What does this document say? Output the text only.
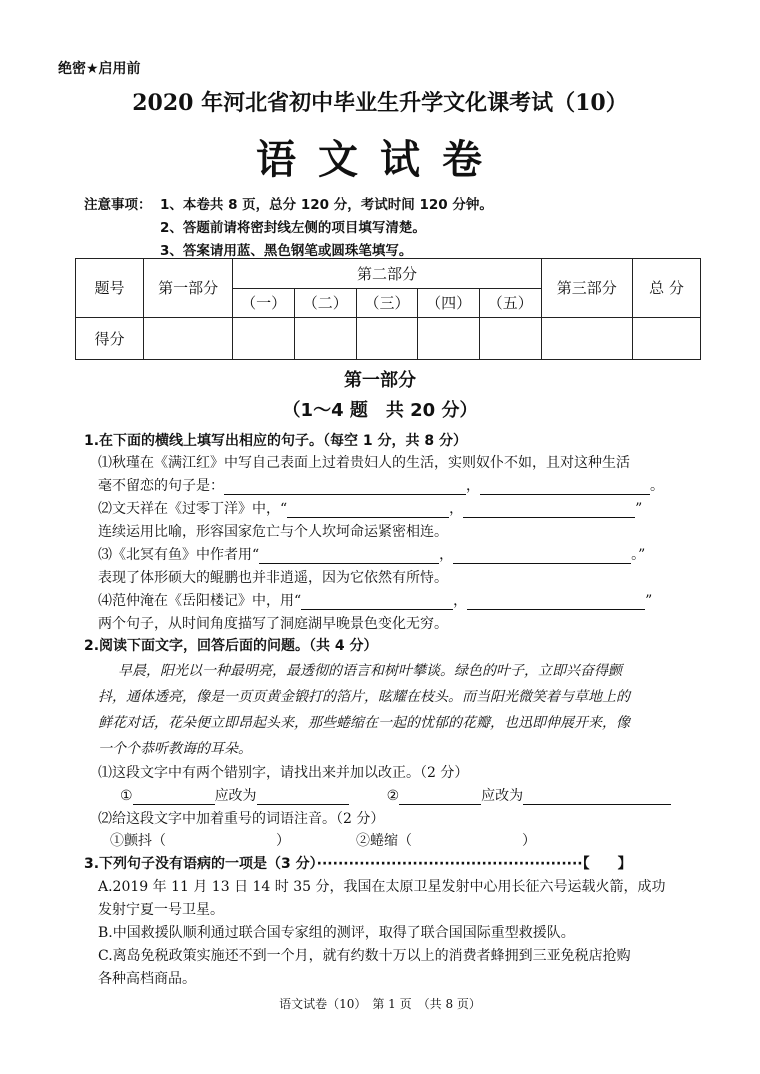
绝密★启用前
2020 年河北省初中毕业生升学文化课考试（10）
语文试卷
注意事项： 1、本卷共 8 页，总分 120 分，考试时间 120 分钟。
2、答题前请将密封线左侧的项目填写清楚。
3、答案请用蓝、黑色钢笔或圆珠笔填写。
题号	第一部分	第二部分					第三部分	总 分
		（一）	（二）	（三）	（四）	（五）		
得分								
第一部分
（1～4 题　共 20 分）
1.在下面的横线上填写出相应的句子。（每空 1 分，共 8 分）
⑴秋瑾在《满江红》中写自己表面上过着贵妇人的生活，实则奴仆不如，且对这种生活
毫不留恋的句子是：	，	。
⑵文天祥在《过零丁洋》中，“	，	”
连续运用比喻，形容国家危亡与个人坎坷命运紧密相连。
⑶《北冥有鱼》中作者用“	，	。”
表现了体形硕大的鲲鹏也并非逍遥，因为它依然有所恃。
⑷范仲淹在《岳阳楼记》中，用“	，	”
两个句子，从时间角度描写了洞庭湖早晚景色变化无穷。
2.阅读下面文字，回答后面的问题。（共 4 分）
早晨，阳光以一种最明亮，最透彻的语言和树叶攀谈。绿色的叶子，立即兴奋得颤
抖，通体透亮，像是一页页黄金锻打的箔片，眩耀在枝头。而当阳光微笑着与草地上的
鲜花对话，花朵便立即昂起头来，那些蜷缩在一起的忧郁的花瓣，也迅即伸展开来，像
一个个恭听教诲的耳朵。
⑴这段文字中有两个错别字，请找出来并加以改正。（2 分）
①	应改为	②	应改为
⑵给这段文字中加着重号的词语注音。（2 分）
①颤抖（	）	②蜷缩（	）
3.下列句子没有语病的一项是（3 分）··················································【　　】
A.2019 年 11 月 13 日 14 时 35 分，我国在太原卫星发射中心用长征六号运载火箭，成功
发射宁夏一号卫星。
B.中国救援队顺利通过联合国专家组的测评，取得了联合国国际重型救援队。
C.离岛免税政策实施还不到一个月，就有约数十万以上的消费者蜂拥到三亚免税店抢购
各种高档商品。
语文试卷（10）　第 1 页　（共 8 页）
